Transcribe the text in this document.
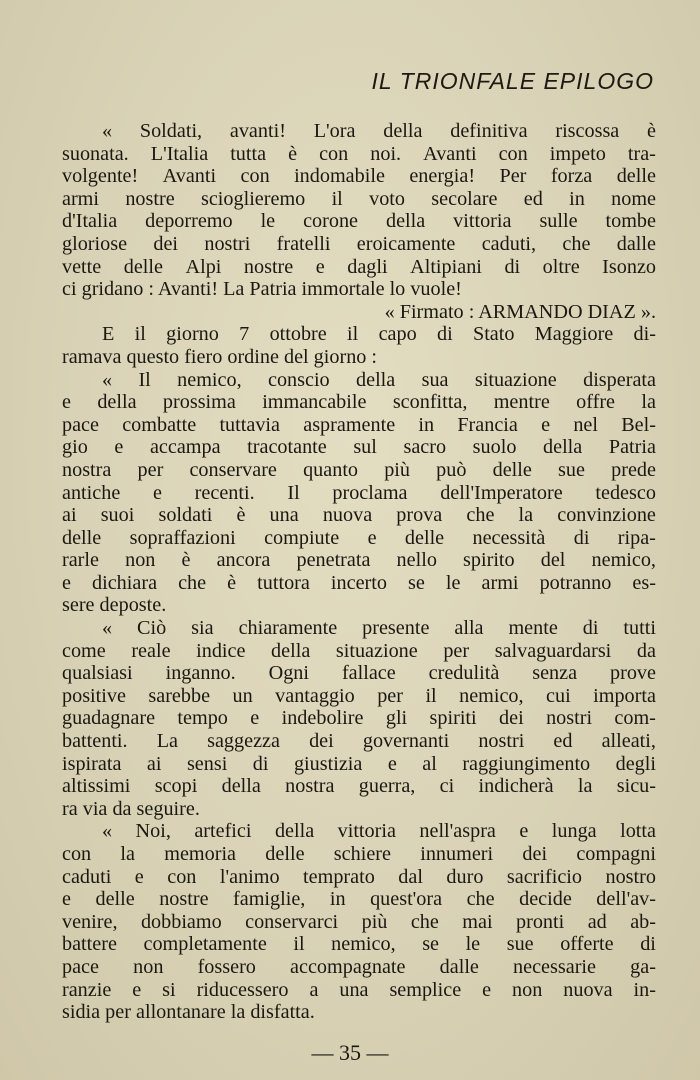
IL TRIONFALE EPILOGO
« Soldati, avanti! L'ora della definitiva riscossa è
suonata. L'Italia tutta è con noi. Avanti con impeto tra-
volgente! Avanti con indomabile energia! Per forza delle
armi nostre scioglieremo il voto secolare ed in nome
d'Italia deporremo le corone della vittoria sulle tombe
gloriose dei nostri fratelli eroicamente caduti, che dalle
vette delle Alpi nostre e dagli Altipiani di oltre Isonzo
ci gridano : Avanti! La Patria immortale lo vuole!
« Firmato : ARMANDO DIAZ ».
E il giorno 7 ottobre il capo di Stato Maggiore di-
ramava questo fiero ordine del giorno :
« Il nemico, conscio della sua situazione disperata
e della prossima immancabile sconfitta, mentre offre la
pace combatte tuttavia aspramente in Francia e nel Bel-
gio e accampa tracotante sul sacro suolo della Patria
nostra per conservare quanto più può delle sue prede
antiche e recenti. Il proclama dell'Imperatore tedesco
ai suoi soldati è una nuova prova che la convinzione
delle sopraffazioni compiute e delle necessità di ripa-
rarle non è ancora penetrata nello spirito del nemico,
e dichiara che è tuttora incerto se le armi potranno es-
sere deposte.
« Ciò sia chiaramente presente alla mente di tutti
come reale indice della situazione per salvaguardarsi da
qualsiasi inganno. Ogni fallace credulità senza prove
positive sarebbe un vantaggio per il nemico, cui importa
guadagnare tempo e indebolire gli spiriti dei nostri com-
battenti. La saggezza dei governanti nostri ed alleati,
ispirata ai sensi di giustizia e al raggiungimento degli
altissimi scopi della nostra guerra, ci indicherà la sicu-
ra via da seguire.
« Noi, artefici della vittoria nell'aspra e lunga lotta
con la memoria delle schiere innumeri dei compagni
caduti e con l'animo temprato dal duro sacrificio nostro
e delle nostre famiglie, in quest'ora che decide dell'av-
venire, dobbiamo conservarci più che mai pronti ad ab-
battere completamente il nemico, se le sue offerte di
pace non fossero accompagnate dalle necessarie ga-
ranzie e si riducessero a una semplice e non nuova in-
sidia per allontanare la disfatta.
— 35 —
